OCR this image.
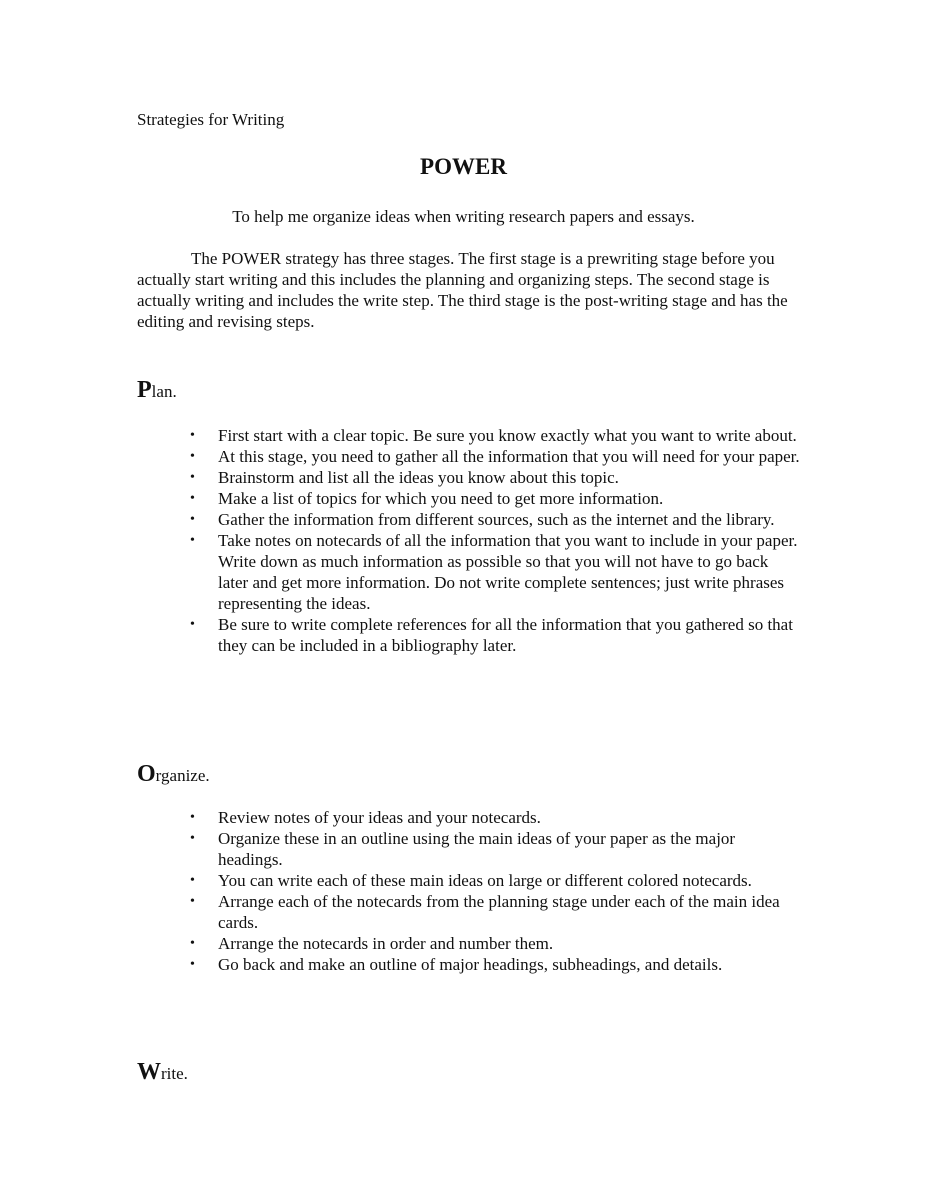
Strategies for Writing
POWER
To help me organize ideas when writing research papers and essays.

The POWER strategy has three stages. The first stage is a prewriting stage before you actually start writing and this includes the planning and organizing steps. The second stage is actually writing and includes the write step. The third stage is the post-writing stage and has the editing and revising steps.

Plan.
• First start with a clear topic. Be sure you know exactly what you want to write about.
• At this stage, you need to gather all the information that you will need for your paper.
• Brainstorm and list all the ideas you know about this topic.
• Make a list of topics for which you need to get more information.
• Gather the information from different sources, such as the internet and the library.
• Take notes on notecards of all the information that you want to include in your paper. Write down as much information as possible so that you will not have to go back later and get more information. Do not write complete sentences; just write phrases representing the ideas.
• Be sure to write complete references for all the information that you gathered so that they can be included in a bibliography later.
Organize.
• Review notes of your ideas and your notecards.
• Organize these in an outline using the main ideas of your paper as the major headings.
• You can write each of these main ideas on large or different colored notecards.
• Arrange each of the notecards from the planning stage under each of the main idea cards.
• Arrange the notecards in order and number them.
• Go back and make an outline of major headings, subheadings, and details.
Write.
